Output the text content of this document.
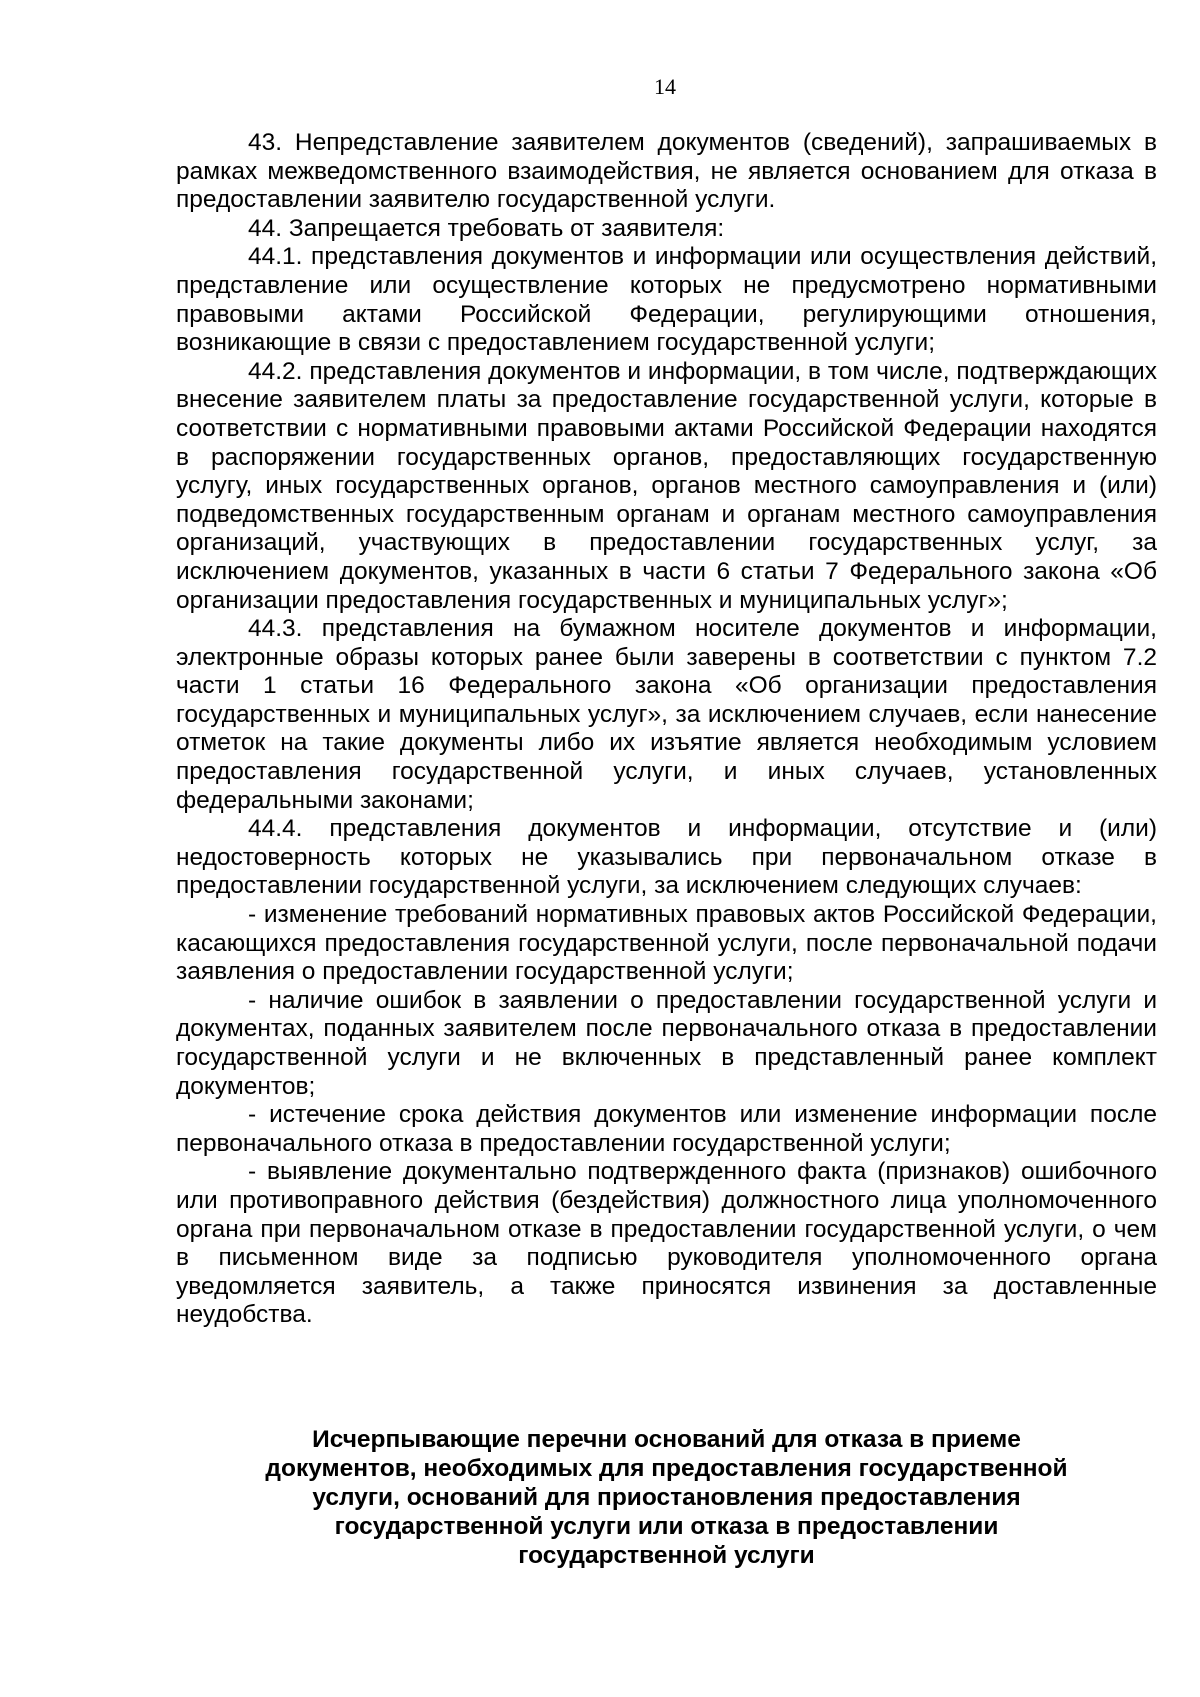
14

43. Непредставление заявителем документов (сведений), запрашиваемых в рамках межведомственного взаимодействия, не является основанием для отказа в предоставлении заявителю государственной услуги.

44. Запрещается требовать от заявителя:

44.1. представления документов и информации или осуществления действий, представление или осуществление которых не предусмотрено нормативными правовыми актами Российской Федерации, регулирующими отношения, возникающие в связи с предоставлением государственной услуги;

44.2. представления документов и информации, в том числе, подтверждающих внесение заявителем платы за предоставление государственной услуги, которые в соответствии с нормативными правовыми актами Российской Федерации находятся в распоряжении государственных органов, предоставляющих государственную услугу, иных государственных органов, органов местного самоуправления и (или) подведомственных государственным органам и органам местного самоуправления организаций, участвующих в предоставлении государственных услуг, за исключением документов, указанных в части 6 статьи 7 Федерального закона «Об организации предоставления государственных и муниципальных услуг»;

44.3. представления на бумажном носителе документов и информации, электронные образы которых ранее были заверены в соответствии с пунктом 7.2 части 1 статьи 16 Федерального закона «Об организации предоставления государственных и муниципальных услуг», за исключением случаев, если нанесение отметок на такие документы либо их изъятие является необходимым условием предоставления государственной услуги, и иных случаев, установленных федеральными законами;

44.4. представления документов и информации, отсутствие и (или) недостоверность которых не указывались при первоначальном отказе в предоставлении государственной услуги, за исключением следующих случаев:

- изменение требований нормативных правовых актов Российской Федерации, касающихся предоставления государственной услуги, после первоначальной подачи заявления о предоставлении государственной услуги;

- наличие ошибок в заявлении о предоставлении государственной услуги и документах, поданных заявителем после первоначального отказа в предоставлении государственной услуги и не включенных в представленный ранее комплект документов;

- истечение срока действия документов или изменение информации после первоначального отказа в предоставлении государственной услуги;

- выявление документально подтвержденного факта (признаков) ошибочного или противоправного действия (бездействия) должностного лица уполномоченного органа при первоначальном отказе в предоставлении государственной услуги, о чем в письменном виде за подписью руководителя уполномоченного органа уведомляется заявитель, а также приносятся извинения за доставленные неудобства.

Исчерпывающие перечни оснований для отказа в приеме
документов, необходимых для предоставления государственной
услуги, оснований для приостановления предоставления
государственной услуги или отказа в предоставлении
государственной услуги
